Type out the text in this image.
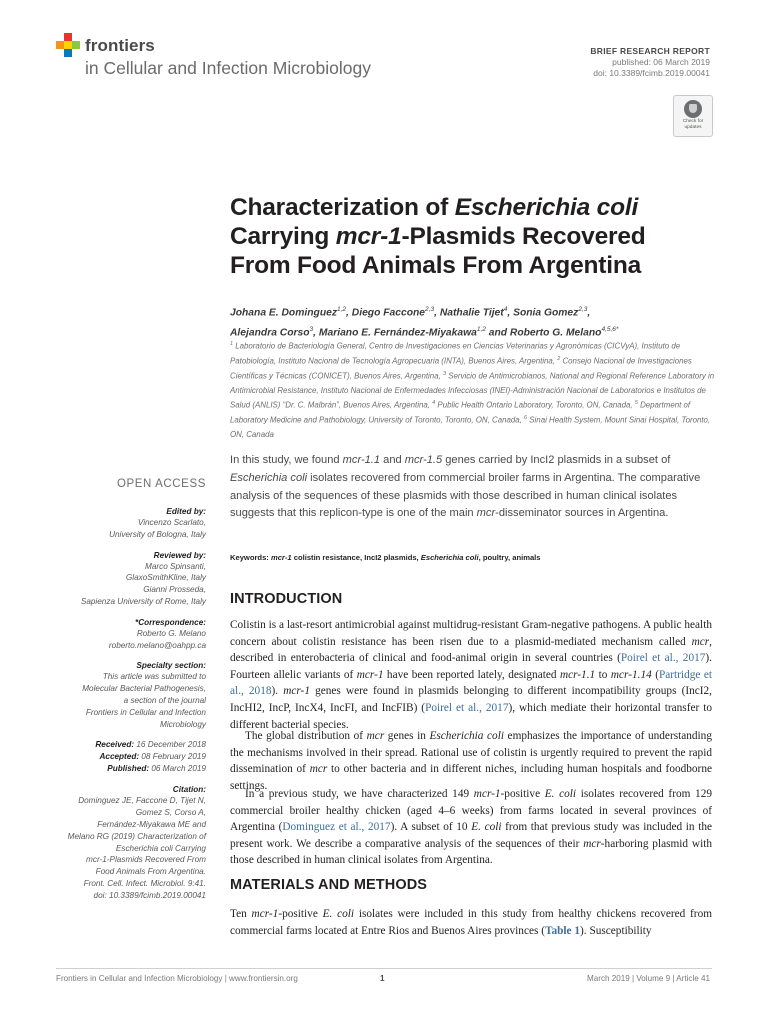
frontiers
in Cellular and Infection Microbiology
BRIEF RESEARCH REPORT
published: 06 March 2019
doi: 10.3389/fcimb.2019.00041
Check for
updates
Characterization of Escherichia coli
Carrying mcr-1-Plasmids Recovered
From Food Animals From Argentina
Johana E. Dominguez$^{1,2}$, Diego Faccone$^{2,3}$, Nathalie Tijet$^4$, Sonia Gomez$^{2,3}$,
Alejandra Corso$^3$, Mariano E. Fernández-Miyakawa$^{1,2}$ and Roberto G. Melano$^{4,5,6*}$
$^1$ Laboratorio de Bacteriología General, Centro de Investigaciones en Ciencias Veterinarias y Agronómicas (CICVyA), Instituto de Patobiología, Instituto Nacional de Tecnología Agropecuaria (INTA), Buenos Aires, Argentina, $^2$ Consejo Nacional de Investigaciones Científicas y Técnicas (CONICET), Buenos Aires, Argentina, $^3$ Servicio de Antimicrobianos, National and Regional Reference Laboratory in Antimicrobial Resistance, Instituto Nacional de Enfermedades Infecciosas (INEI)-Administración Nacional de Laboratorios e Institutos de Salud (ANLIS) “Dr. C. Malbrán”, Buenos Aires, Argentina, $^4$ Public Health Ontario Laboratory, Toronto, ON, Canada, $^5$ Department of Laboratory Medicine and Pathobiology, University of Toronto, Toronto, ON, Canada, $^6$ Sinai Health System, Mount Sinai Hospital, Toronto, ON, Canada
In this study, we found mcr-1.1 and mcr-1.5 genes carried by IncI2 plasmids in a subset of Escherichia coli isolates recovered from commercial broiler farms in Argentina. The comparative analysis of the sequences of these plasmids with those described in human clinical isolates suggests that this replicon-type is one of the main mcr-disseminator sources in Argentina.
Keywords: mcr-1 colistin resistance, IncI2 plasmids, Escherichia coli, poultry, animals
OPEN ACCESS
Edited by:
Vincenzo Scarlato,
University of Bologna, Italy
Reviewed by:
Marco Spinsanti,
GlaxoSmithKline, Italy
Gianni Prosseda,
Sapienza University of Rome, Italy
*Correspondence:
Roberto G. Melano
roberto.melano@oahpp.ca
Specialty section:
This article was submitted to
Molecular Bacterial Pathogenesis,
a section of the journal
Frontiers in Cellular and Infection
Microbiology
Received: 16 December 2018
Accepted: 08 February 2019
Published: 06 March 2019
Citation:
Dominguez JE, Faccone D, Tijet N,
Gomez S, Corso A,
Fernández-Miyakawa ME and
Melano RG (2019) Characterization of
Escherichia coli Carrying
mcr-1-Plasmids Recovered From
Food Animals From Argentina.
Front. Cell. Infect. Microbiol. 9:41.
doi: 10.3389/fcimb.2019.00041
INTRODUCTION
Colistin is a last-resort antimicrobial against multidrug-resistant Gram-negative pathogens. A public health concern about colistin resistance has been risen due to a plasmid-mediated mechanism called mcr, described in enterobacteria of clinical and food-animal origin in several countries (Poirel et al., 2017). Fourteen allelic variants of mcr-1 have been reported lately, designated mcr-1.1 to mcr-1.14 (Partridge et al., 2018). mcr-1 genes were found in plasmids belonging to different incompatibility groups (IncI2, IncHI2, IncP, IncX4, IncFI, and IncFIB) (Poirel et al., 2017), which mediate their horizontal transfer to different bacterial species.
The global distribution of mcr genes in Escherichia coli emphasizes the importance of understanding the mechanisms involved in their spread. Rational use of colistin is urgently required to prevent the rapid dissemination of mcr to other bacteria and in different niches, including human hospitals and foodborne settings.
In a previous study, we have characterized 149 mcr-1-positive E. coli isolates recovered from 129 commercial broiler healthy chicken (aged 4–6 weeks) from farms located in several provinces of Argentina (Dominguez et al., 2017). A subset of 10 E. coli from that previous study was included in the present work. We describe a comparative analysis of the sequences of their mcr-harboring plasmid with those described in human clinical isolates from Argentina.
MATERIALS AND METHODS
Ten mcr-1-positive E. coli isolates were included in this study from healthy chickens recovered from commercial farms located at Entre Rios and Buenos Aires provinces (Table 1). Susceptibility
Frontiers in Cellular and Infection Microbiology | www.frontiersin.org	1	March 2019 | Volume 9 | Article 41
